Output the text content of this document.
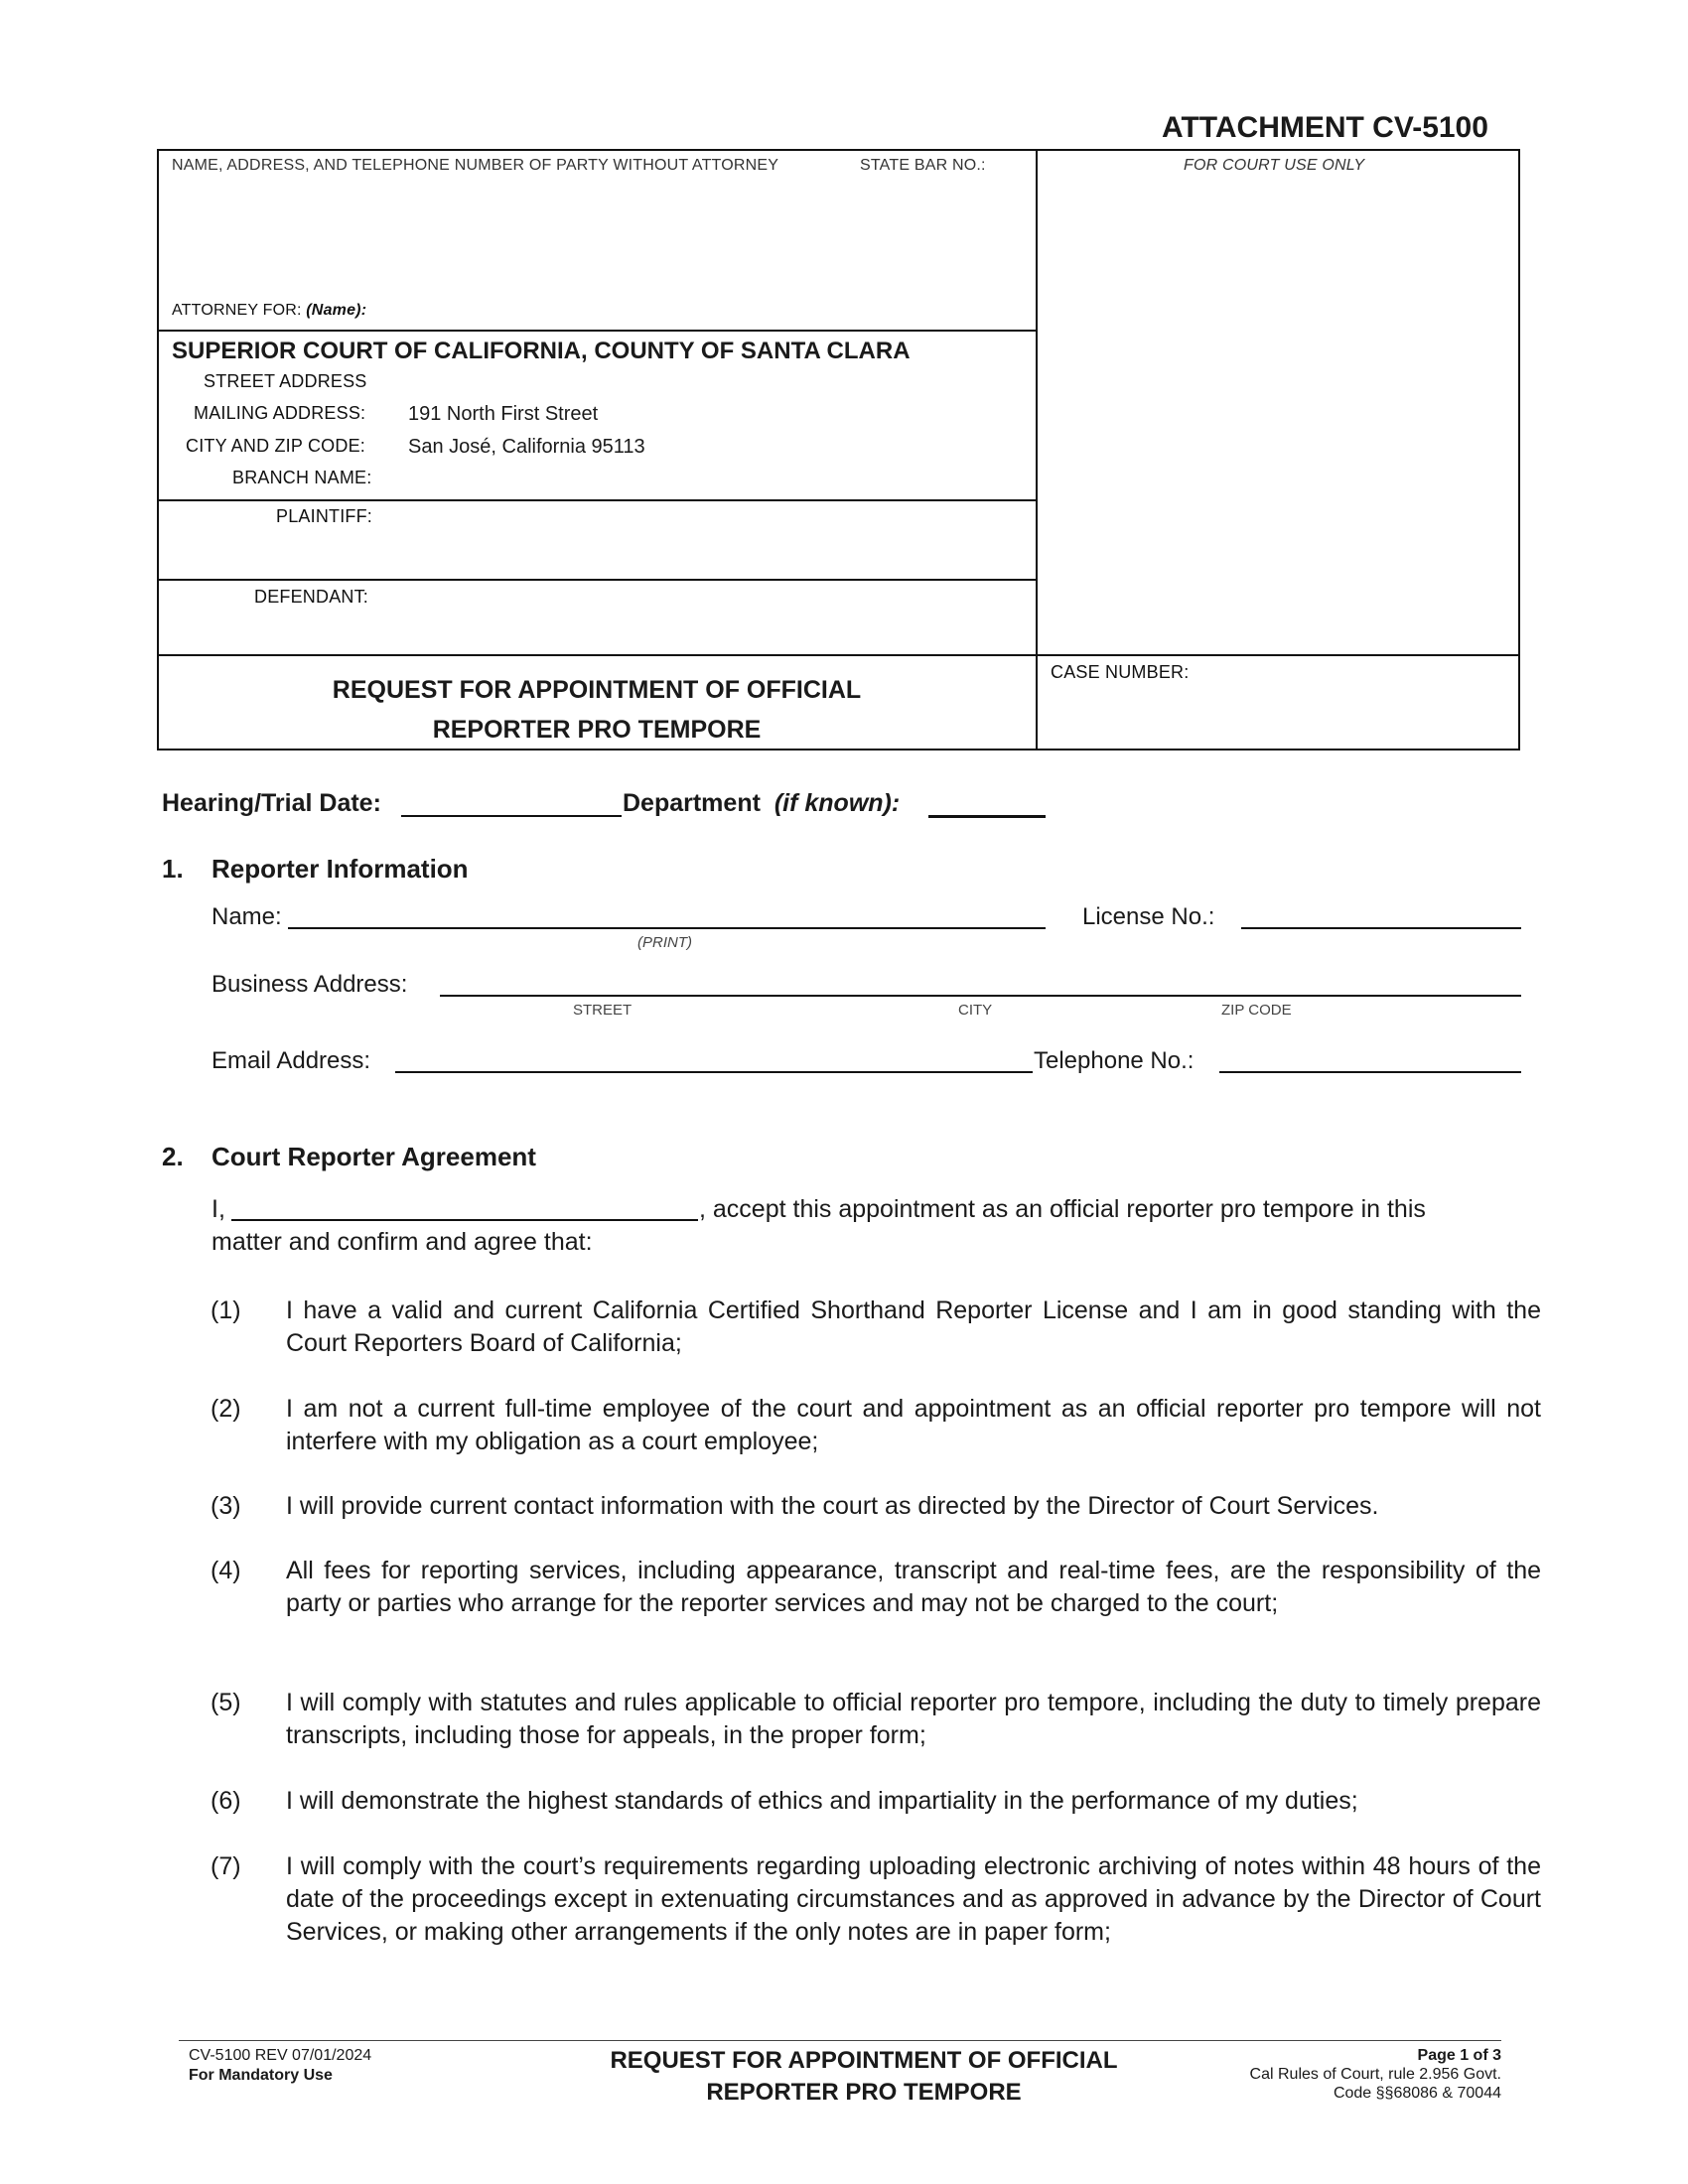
ATTACHMENT CV-5100
NAME, ADDRESS, AND TELEPHONE NUMBER OF PARTY WITHOUT ATTORNEY	STATE BAR NO.:	FOR COURT USE ONLY
ATTORNEY FOR: (Name):
SUPERIOR COURT OF CALIFORNIA, COUNTY OF SANTA CLARA
STREET ADDRESS
MAILING ADDRESS: 191 North First Street
CITY AND ZIP CODE: San José, California 95113
BRANCH NAME:
PLAINTIFF:
DEFENDANT:
REQUEST FOR APPOINTMENT OF OFFICIAL
REPORTER PRO TEMPORE
CASE NUMBER:
Hearing/Trial Date:	Department (if known):
1. Reporter Information
Name:
(PRINT)
License No.:
Business Address:
STREET	CITY	ZIP CODE
Email Address:	Telephone No.:
2. Court Reporter Agreement
I,	, accept this appointment as an official reporter pro tempore in this
matter and confirm and agree that:
(1) I have a valid and current California Certified Shorthand Reporter License and I am in good standing with the Court Reporters Board of California;
(2) I am not a current full-time employee of the court and appointment as an official reporter pro tempore will not interfere with my obligation as a court employee;
(3) I will provide current contact information with the court as directed by the Director of Court Services.
(4) All fees for reporting services, including appearance, transcript and real-time fees, are the responsibility of the party or parties who arrange for the reporter services and may not be charged to the court;
(5) I will comply with statutes and rules applicable to official reporter pro tempore, including the duty to timely prepare transcripts, including those for appeals, in the proper form;
(6) I will demonstrate the highest standards of ethics and impartiality in the performance of my duties;
(7) I will comply with the court’s requirements regarding uploading electronic archiving of notes within 48 hours of the date of the proceedings except in extenuating circumstances and as approved in advance by the Director of Court Services, or making other arrangements if the only notes are in paper form;
CV-5100 REV 07/01/2024
For Mandatory Use
REQUEST FOR APPOINTMENT OF OFFICIAL
REPORTER PRO TEMPORE
Page 1 of 3
Cal Rules of Court, rule 2.956 Govt.
Code §§68086 & 70044
